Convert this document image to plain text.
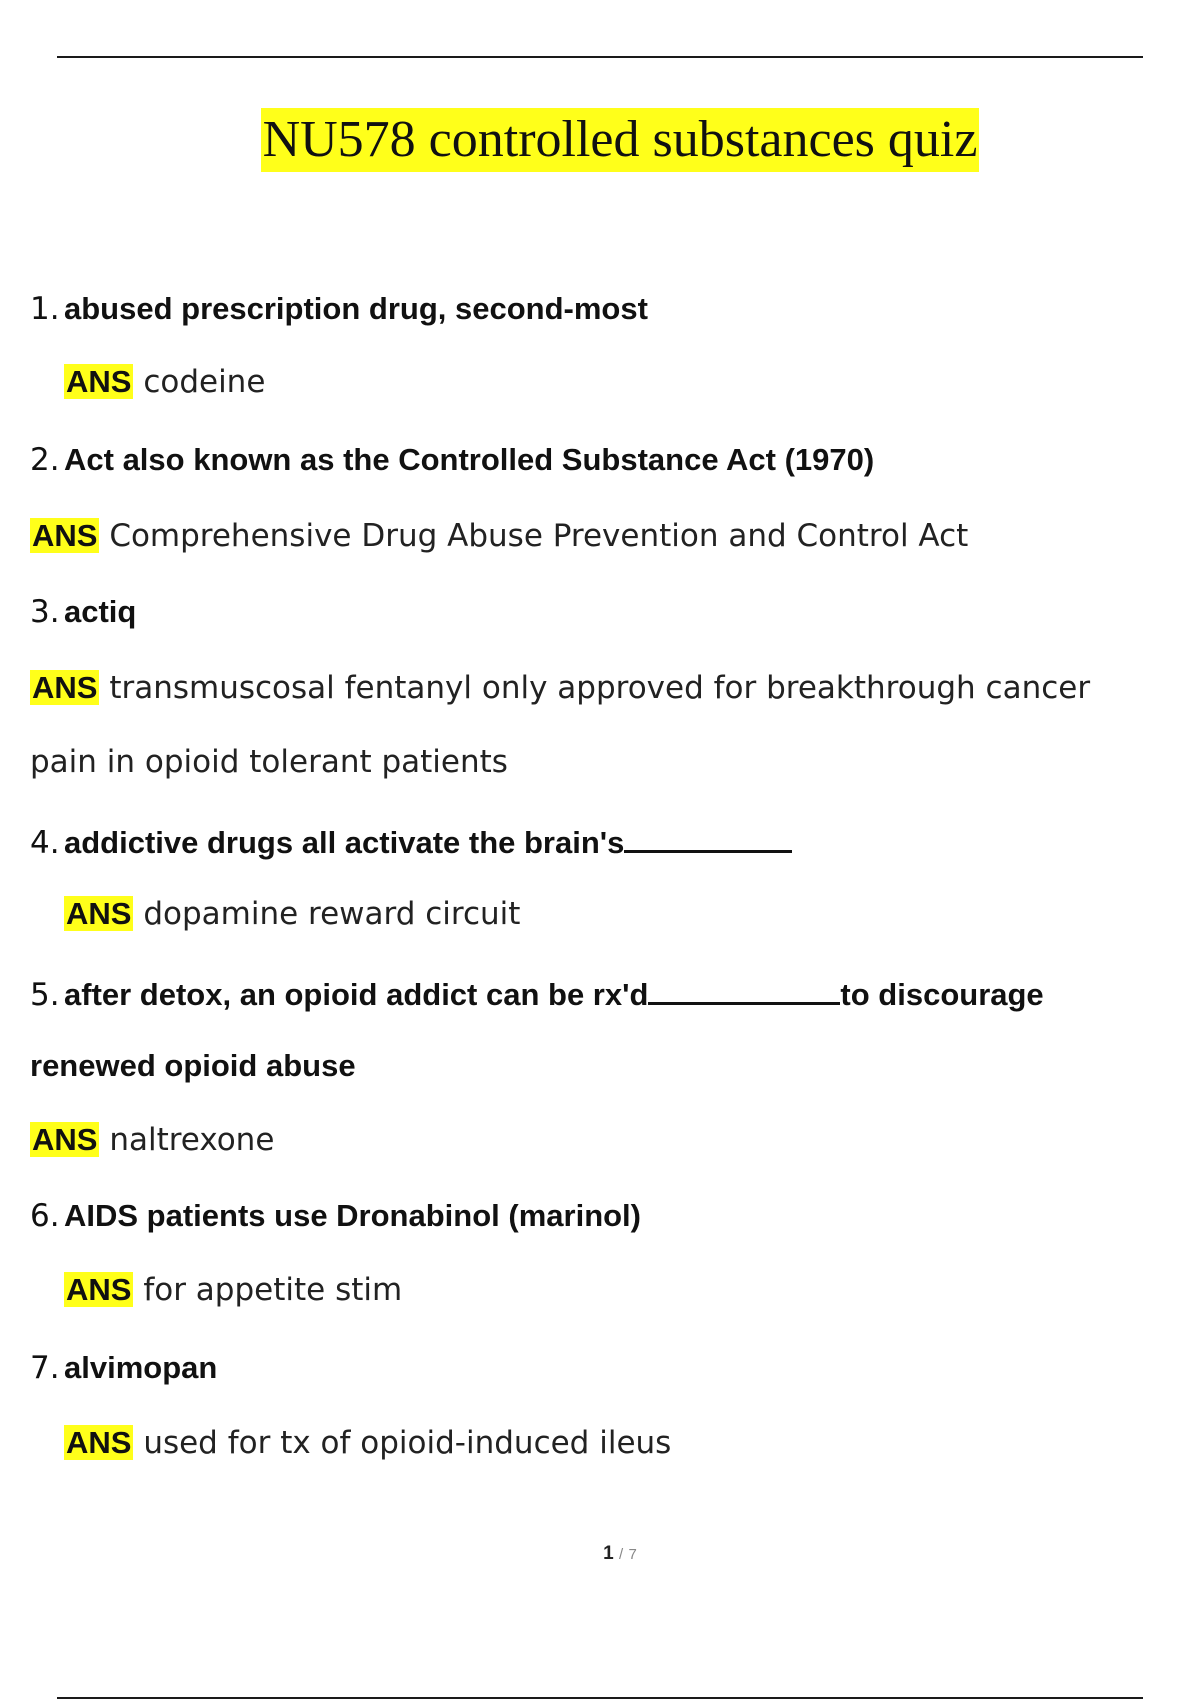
NU578 controlled substances quiz
1. abused prescription drug, second-most
ANS codeine
2. Act also known as the Controlled Substance Act (1970)
ANS Comprehensive Drug Abuse Prevention and Control Act
3. actiq
ANS transmuscosal fentanyl only approved for breakthrough cancer
pain in opioid tolerant patients
4. addictive drugs all activate the brain's
ANS dopamine reward circuit
5. after detox, an opioid addict can be rx'd	to discourage
renewed opioid abuse
ANS naltrexone
6. AIDS patients use Dronabinol (marinol)
ANS for appetite stim
7. alvimopan
ANS used for tx of opioid-induced ileus
1 / 7
